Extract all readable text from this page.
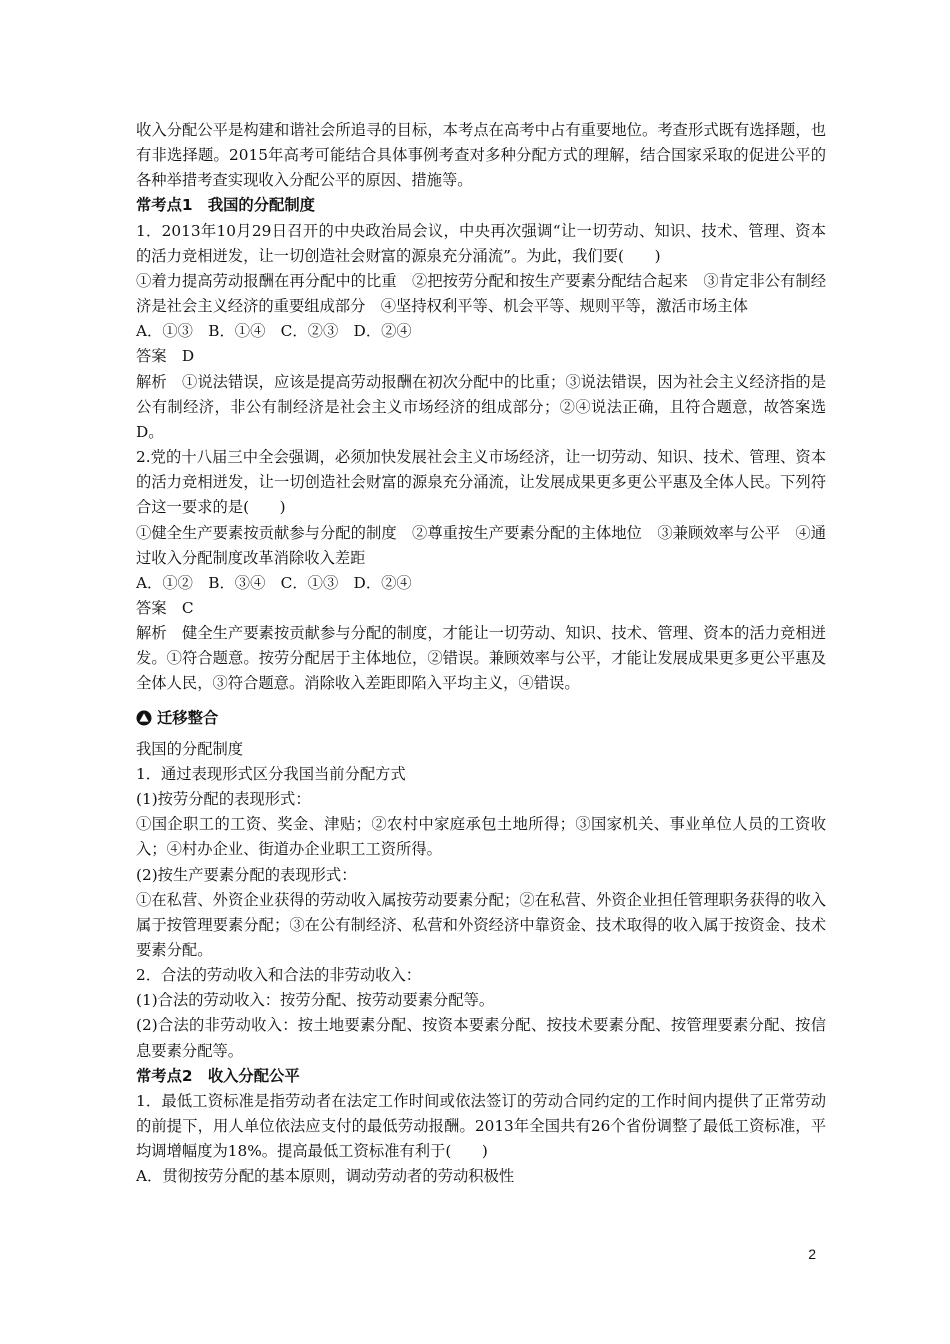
收入分配公平是构建和谐社会所追寻的目标，本考点在高考中占有重要地位。考查形式既有选择题，也有非选择题。2015年高考可能结合具体事例考查对多种分配方式的理解，结合国家采取的促进公平的各种举措考查实现收入分配公平的原因、措施等。

常考点1　我国的分配制度

1．2013年10月29日召开的中央政治局会议，中央再次强调“让一切劳动、知识、技术、管理、资本的活力竞相迸发，让一切创造社会财富的源泉充分涌流”。为此，我们要(　　)

①着力提高劳动报酬在再分配中的比重　②把按劳分配和按生产要素分配结合起来　③肯定非公有制经济是社会主义经济的重要组成部分　④坚持权利平等、机会平等、规则平等，激活市场主体

A．①③　B．①④　C．②③　D．②④

答案　D

解析　①说法错误，应该是提高劳动报酬在初次分配中的比重；③说法错误，因为社会主义经济指的是公有制经济，非公有制经济是社会主义市场经济的组成部分；②④说法正确，且符合题意，故答案选D。

2.党的十八届三中全会强调，必须加快发展社会主义市场经济，让一切劳动、知识、技术、管理、资本的活力竞相迸发，让一切创造社会财富的源泉充分涌流，让发展成果更多更公平惠及全体人民。下列符合这一要求的是(　　)

①健全生产要素按贡献参与分配的制度　②尊重按生产要素分配的主体地位　③兼顾效率与公平　④通过收入分配制度改革消除收入差距

A．①②　B．③④　C．①③　D．②④

答案　C

解析　健全生产要素按贡献参与分配的制度，才能让一切劳动、知识、技术、管理、资本的活力竞相迸发。①符合题意。按劳分配居于主体地位，②错误。兼顾效率与公平，才能让发展成果更多更公平惠及全体人民，③符合题意。消除收入差距即陷入平均主义，④错误。

迁移整合

我国的分配制度

1．通过表现形式区分我国当前分配方式

(1)按劳分配的表现形式：

①国企职工的工资、奖金、津贴；②农村中家庭承包土地所得；③国家机关、事业单位人员的工资收入；④村办企业、街道办企业职工工资所得。

(2)按生产要素分配的表现形式：

①在私营、外资企业获得的劳动收入属按劳动要素分配；②在私营、外资企业担任管理职务获得的收入属于按管理要素分配；③在公有制经济、私营和外资经济中靠资金、技术取得的收入属于按资金、技术要素分配。

2．合法的劳动收入和合法的非劳动收入：

(1)合法的劳动收入：按劳分配、按劳动要素分配等。

(2)合法的非劳动收入：按土地要素分配、按资本要素分配、按技术要素分配、按管理要素分配、按信息要素分配等。

常考点2　收入分配公平

1．最低工资标准是指劳动者在法定工作时间或依法签订的劳动合同约定的工作时间内提供了正常劳动的前提下，用人单位依法应支付的最低劳动报酬。2013年全国共有26个省份调整了最低工资标准，平均调增幅度为18%。提高最低工资标准有利于(　　)

A．贯彻按劳分配的基本原则，调动劳动者的劳动积极性

2
